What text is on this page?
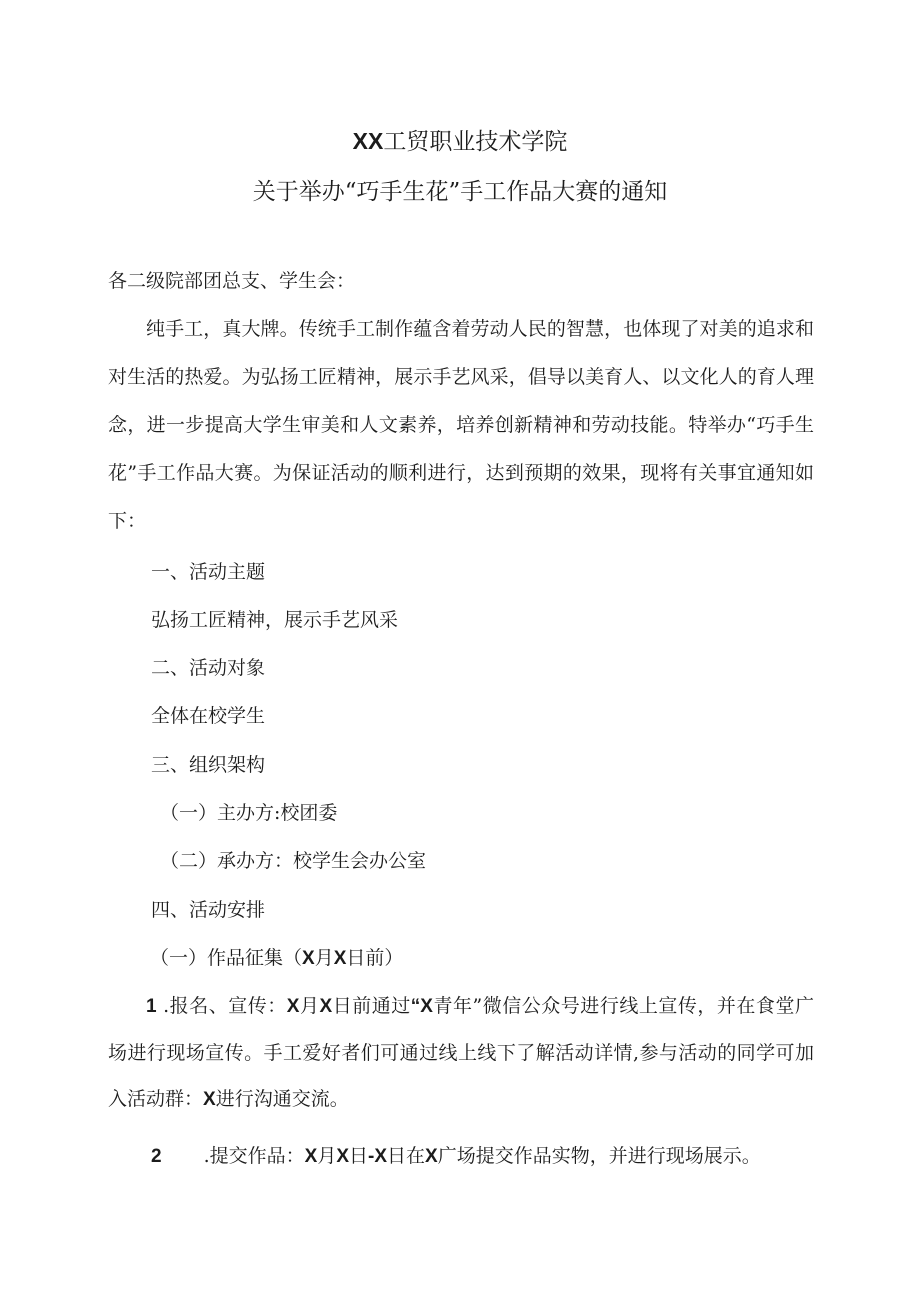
XX工贸职业技术学院
关于举办“巧手生花”手工作品大赛的通知
各二级院部团总支、学生会：

纯手工，真大牌。传统手工制作蕴含着劳动人民的智慧，也体现了对美的追求和对生活的热爱。为弘扬工匠精神，展示手艺风采，倡导以美育人、以文化人的育人理念，进一步提高大学生审美和人文素养，培养创新精神和劳动技能。特举办“巧手生花”手工作品大赛。为保证活动的顺利进行，达到预期的效果，现将有关事宜通知如下：

一、活动主题
弘扬工匠精神，展示手艺风采
二、活动对象
全体在校学生
三、组织架构
（一）主办方:校团委
（二）承办方：校学生会办公室
四、活动安排
（一）作品征集（X月X日前）

1 .报名、宣传：X月X日前通过“X青年”微信公众号进行线上宣传，并在食堂广场进行现场宣传。手工爱好者们可通过线上线下了解活动详情,参与活动的同学可加入活动群：X进行沟通交流。

2 .提交作品：X月X日-X日在X广场提交作品实物，并进行现场展示。
